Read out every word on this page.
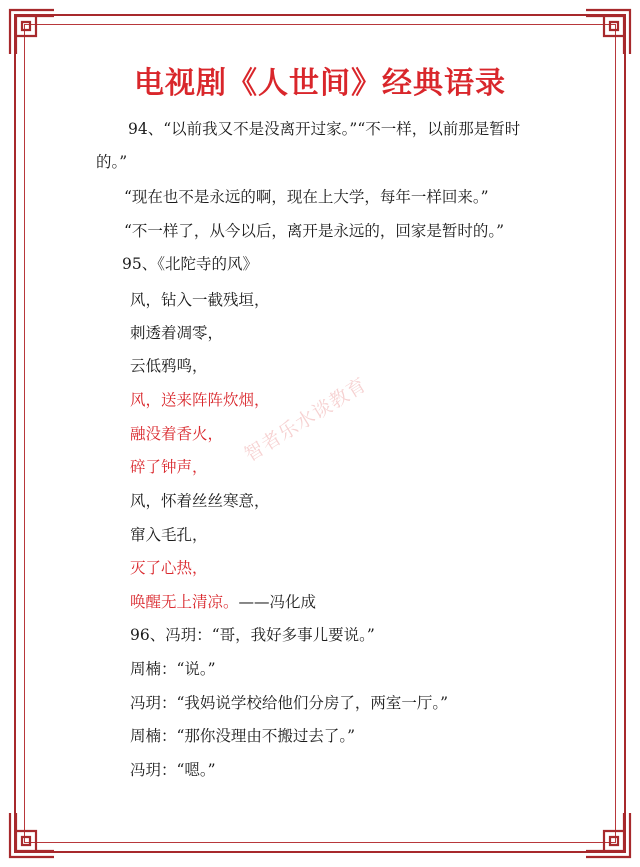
电视剧《人世间》经典语录
智者乐水谈教育
94、“以前我又不是没离开过家。”“不一样，以前那是暂时
的。”
“现在也不是永远的啊，现在上大学，每年一样回来。”
“不一样了，从今以后，离开是永远的，回家是暂时的。”
95、《北陀寺的风》
风，钻入一截残垣，
刺透着凋零，
云低鸦鸣，
风，送来阵阵炊烟，
融没着香火，
碎了钟声，
风，怀着丝丝寒意，
窜入毛孔，
灭了心热，
唤醒无上清凉。——冯化成
96、冯玥：“哥，我好多事儿要说。”
周楠：“说。”
冯玥：“我妈说学校给他们分房了，两室一厅。”
周楠：“那你没理由不搬过去了。”
冯玥：“嗯。”
